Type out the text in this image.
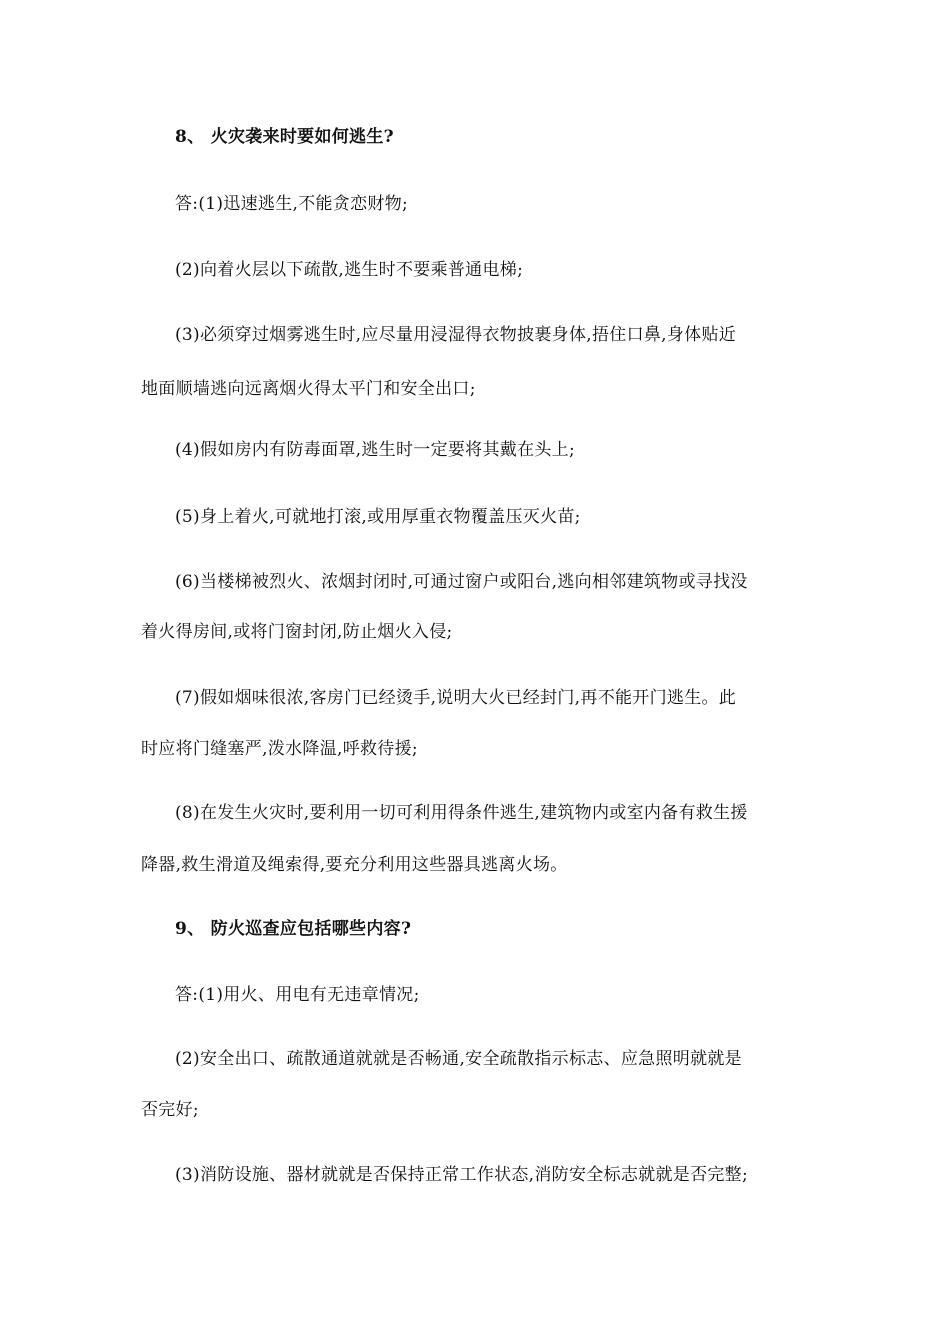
8、 火灾袭来时要如何逃生?
答:(1)迅速逃生,不能贪恋财物;
(2)向着火层以下疏散,逃生时不要乘普通电梯;
(3)必须穿过烟雾逃生时,应尽量用浸湿得衣物披裹身体,捂住口鼻,身体贴近
地面顺墙逃向远离烟火得太平门和安全出口;
(4)假如房内有防毒面罩,逃生时一定要将其戴在头上;
(5)身上着火,可就地打滚,或用厚重衣物覆盖压灭火苗;
(6)当楼梯被烈火、浓烟封闭时,可通过窗户或阳台,逃向相邻建筑物或寻找没
着火得房间,或将门窗封闭,防止烟火入侵;
(7)假如烟味很浓,客房门已经烫手,说明大火已经封门,再不能开门逃生。此
时应将门缝塞严,泼水降温,呼救待援;
(8)在发生火灾时,要利用一切可利用得条件逃生,建筑物内或室内备有救生援
降器,救生滑道及绳索得,要充分利用这些器具逃离火场。
9、 防火巡查应包括哪些内容?
答:(1)用火、用电有无违章情况;
(2)安全出口、疏散通道就就是否畅通,安全疏散指示标志、应急照明就就是
否完好;
(3)消防设施、器材就就是否保持正常工作状态,消防安全标志就就是否完整;
